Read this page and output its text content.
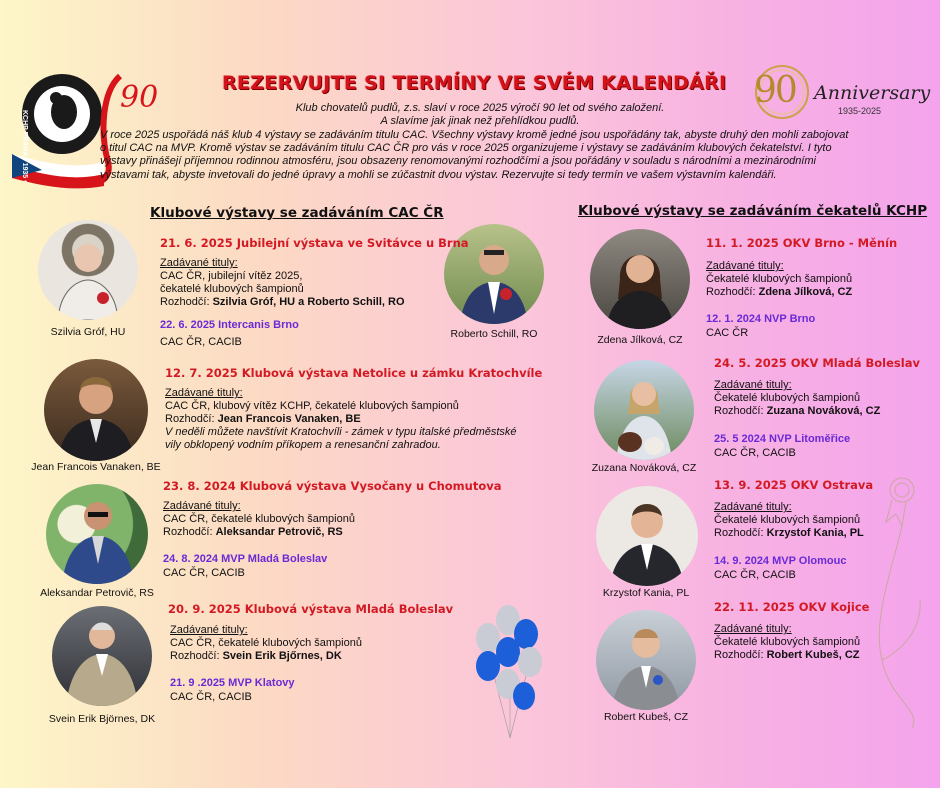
90
KCHP PRAHA • 1935 •
REZERVUJTE SI TERMÍNY VE SVÉM KALENDÁŘI 90 Anniversary
1935-2025
Klub chovatelů pudlů, z.s. slaví v roce 2025 výročí 90 let od svého založení.
A slavíme jak jinak než přehlídkou pudlů.
V roce 2025 uspořádá náš klub 4 výstavy se zadáváním titulu CAC. Všechny výstavy kromě jedné jsou uspořádány tak, abyste druhý den mohli zabojovat
o titul CAC na MVP. Kromě výstav se zadáváním titulu CAC ČR pro vás v roce 2025 organizujeme i výstavy se zadáváním klubových čekatelství. I tyto
výstavy přinášejí příjemnou rodinnou atmosféru, jsou obsazeny renomovanými rozhodčími a jsou pořádány v souladu s národními a mezinárodními
výstavami tak, abyste invetovali do jedné úpravy a mohli se zúčastnit dvou výstav. Rezervujte si tedy termín ve vašem výstavním kalendáři.
Klubové výstavy se zadáváním CAC ČR	Klubové výstavy se zadáváním čekatelů KCHP
Szilvia Gróf, HU	Roberto Schill, RO
Jean Francois Vanaken, BE
Aleksandar Petrovič, RS
Svein Erik Björnes, DK
21. 6. 2025 Jubilejní výstava ve Svitávce u Brna
Zadávané tituly:
CAC ČR, jubilejní vítěz 2025,
čekatelé klubových šampionů
Rozhodčí: Szilvia Gróf, HU a Roberto Schill, RO
22. 6. 2025 Intercanis Brno
CAC ČR, CACIB
12. 7. 2025 Klubová výstava Netolice u zámku Kratochvíle
Zadávané tituly:
CAC ČR, klubový vítěz KCHP, čekatelé klubových šampionů
Rozhodčí: Jean Francois Vanaken, BE
V neděli můžete navštívit Kratochvíli - zámek v typu italské předměstské
vily obklopený vodním příkopem a renesanční zahradou.
23. 8. 2024 Klubová výstava Vysočany u Chomutova
Zadávané tituly:
CAC ČR, čekatelé klubových šampionů
Rozhodčí: Aleksandar Petrovič, RS
24. 8. 2024 MVP Mladá Boleslav
CAC ČR, CACIB
20. 9. 2025 Klubová výstava Mladá Boleslav
Zadávané tituly:
CAC ČR, čekatelé klubových šampionů
Rozhodčí: Svein Erik Bjőrnes, DK
21. 9 .2025 MVP Klatovy
CAC ČR, CACIB
Zdena Jílková, CZ
Zuzana Nováková, CZ
Krzystof Kania, PL
Robert Kubeš, CZ
11. 1. 2025 OKV Brno - Měnín
Zadávané tituly:
Čekatelé klubových šampionů
Rozhodčí: Zdena Jílková, CZ
12. 1. 2024 NVP Brno
CAC ČR
24. 5. 2025 OKV Mladá Boleslav
Zadávané tituly:
Čekatelé klubových šampionů
Rozhodčí: Zuzana Nováková, CZ
25. 5 2024 NVP Litoměřice
CAC ČR, CACIB
13. 9. 2025 OKV Ostrava
Zadávané tituly:
Čekatelé klubových šampionů
Rozhodčí: Krzystof Kania, PL
14. 9. 2024 MVP Olomouc
CAC ČR, CACIB
22. 11. 2025 OKV Kojice
Zadávané tituly:
Čekatelé klubových šampionů
Rozhodčí: Robert Kubeš, CZ
